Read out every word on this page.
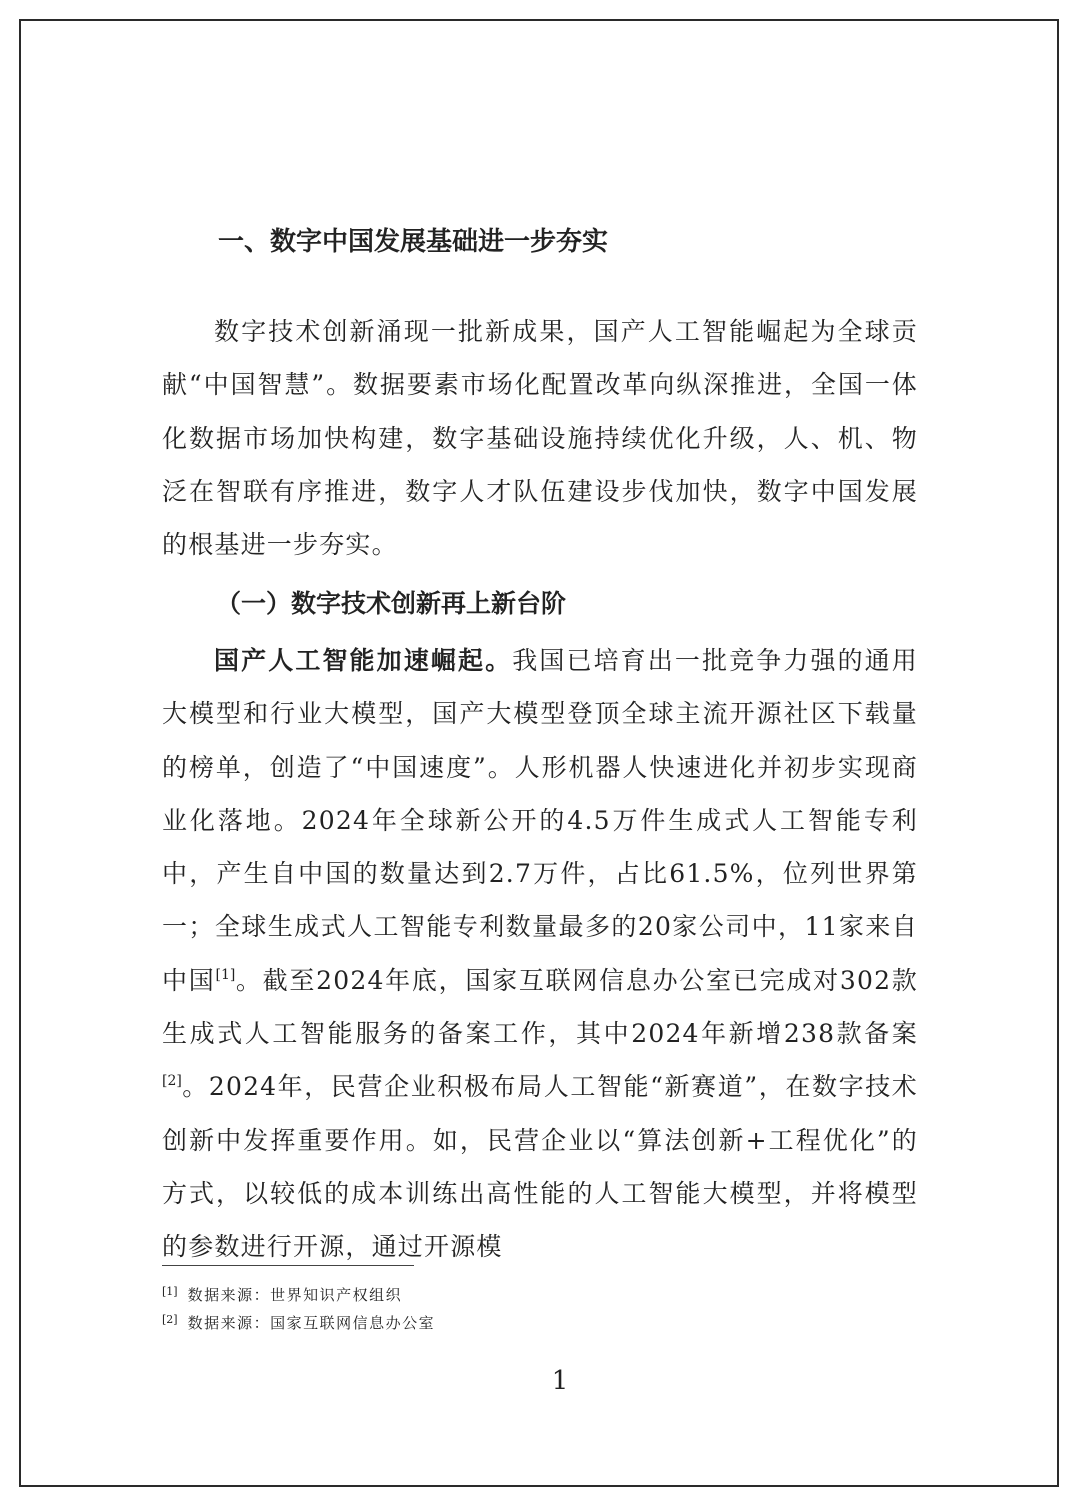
一、数字中国发展基础进一步夯实

数字技术创新涌现一批新成果，国产人工智能崛起为全球贡献“中国智慧”。数据要素市场化配置改革向纵深推进，全国一体化数据市场加快构建，数字基础设施持续优化升级，人、机、物泛在智联有序推进，数字人才队伍建设步伐加快，数字中国发展的根基进一步夯实。

（一）数字技术创新再上新台阶

国产人工智能加速崛起。我国已培育出一批竞争力强的通用大模型和行业大模型，国产大模型登顶全球主流开源社区下载量的榜单，创造了“中国速度”。人形机器人快速进化并初步实现商业化落地。2024年全球新公开的4.5万件生成式人工智能专利中，产生自中国的数量达到2.7万件，占比61.5%，位列世界第一；全球生成式人工智能专利数量最多的20家公司中，11家来自中国[1]。截至2024年底，国家互联网信息办公室已完成对302款生成式人工智能服务的备案工作，其中2024年新增238款备案[2]。2024年，民营企业积极布局人工智能“新赛道”，在数字技术创新中发挥重要作用。如，民营企业以“算法创新+工程优化”的方式，以较低的成本训练出高性能的人工智能大模型，并将模型的参数进行开源，通过开源模

[1] 数据来源：世界知识产权组织

[2] 数据来源：国家互联网信息办公室

1
